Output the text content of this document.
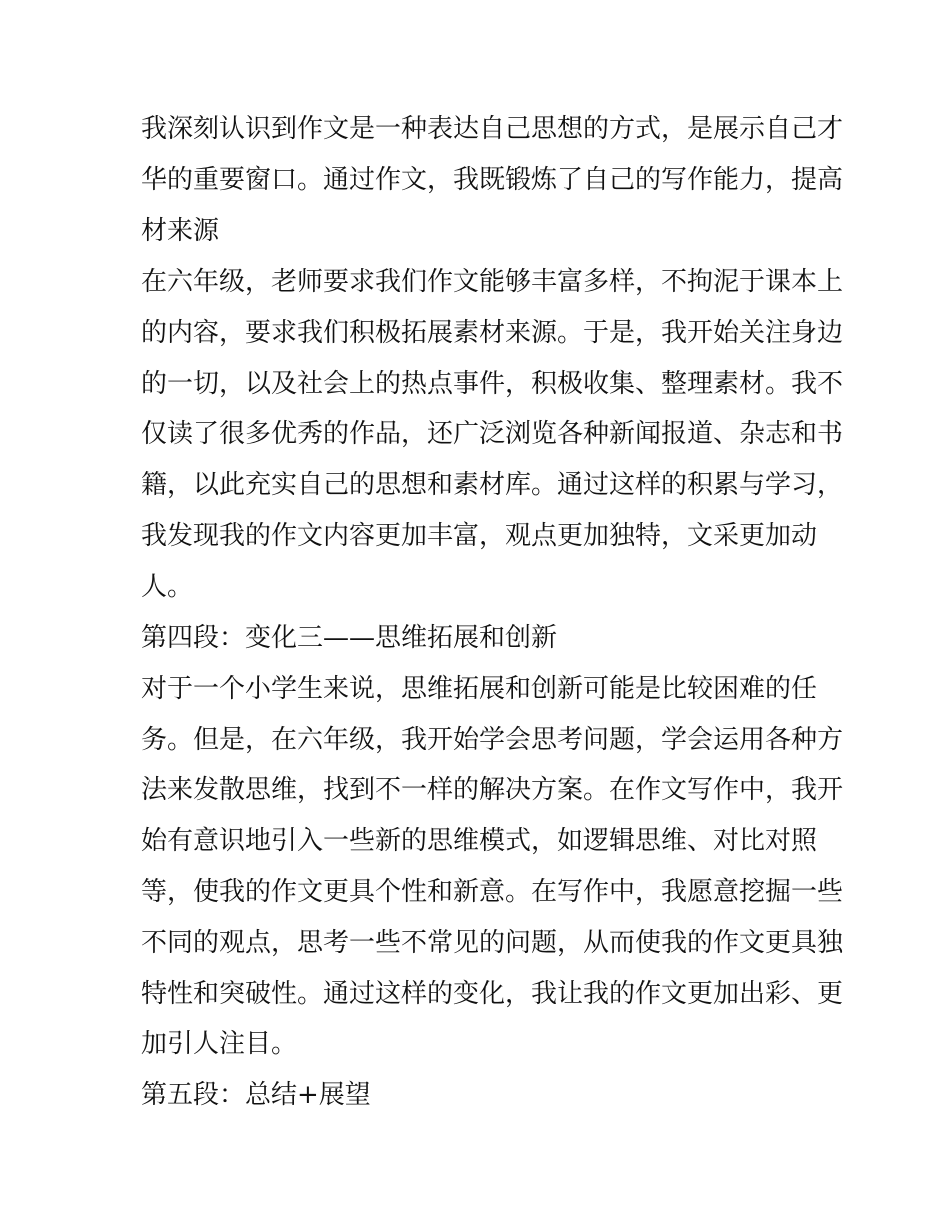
我深刻认识到作文是一种表达自己思想的方式，是展示自己才

华的重要窗口。通过作文，我既锻炼了自己的写作能力，提高

材来源

在六年级，老师要求我们作文能够丰富多样，不拘泥于课本上

的内容，要求我们积极拓展素材来源。于是，我开始关注身边

的一切，以及社会上的热点事件，积极收集、整理素材。我不

仅读了很多优秀的作品，还广泛浏览各种新闻报道、杂志和书

籍，以此充实自己的思想和素材库。通过这样的积累与学习，

我发现我的作文内容更加丰富，观点更加独特，文采更加动

人。

第四段：变化三——思维拓展和创新

对于一个小学生来说，思维拓展和创新可能是比较困难的任

务。但是，在六年级，我开始学会思考问题，学会运用各种方

法来发散思维，找到不一样的解决方案。在作文写作中，我开

始有意识地引入一些新的思维模式，如逻辑思维、对比对照

等，使我的作文更具个性和新意。在写作中，我愿意挖掘一些

不同的观点，思考一些不常见的问题，从而使我的作文更具独

特性和突破性。通过这样的变化，我让我的作文更加出彩、更

加引人注目。

第五段：总结+展望
